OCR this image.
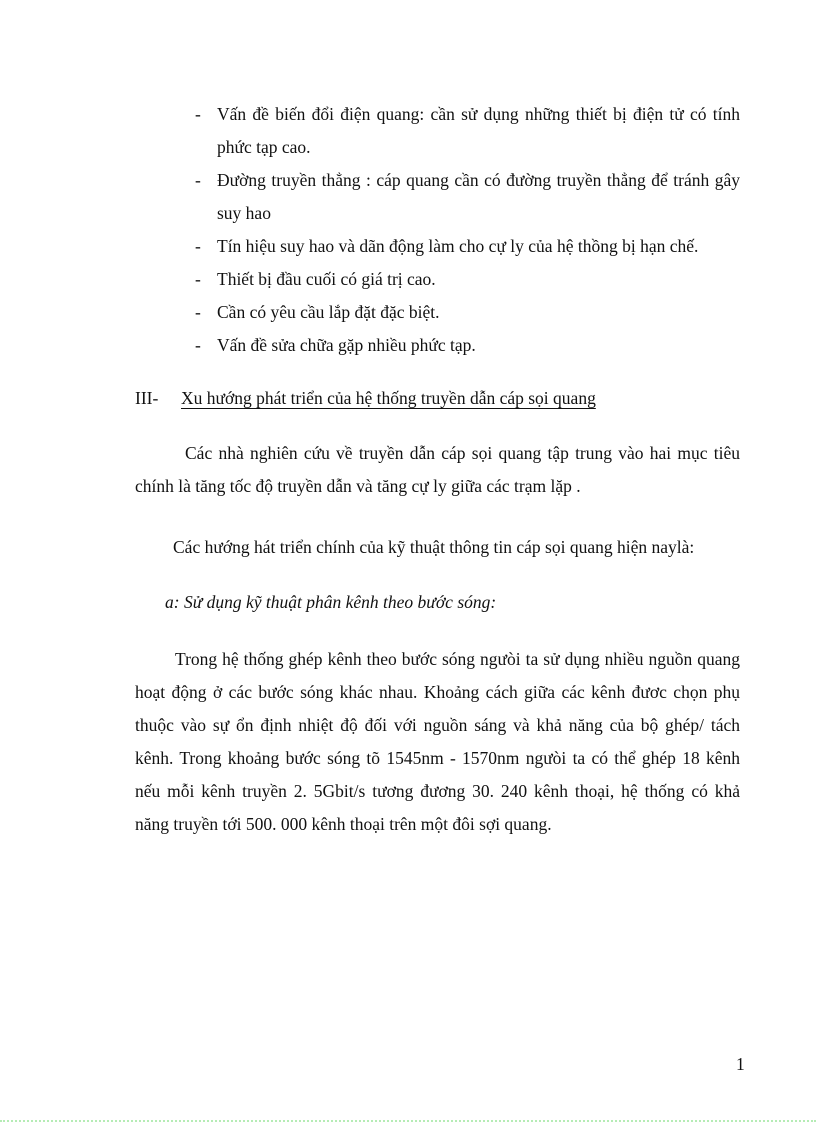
- Vấn đề biến đổi điện quang: cần sử dụng những thiết bị điện tử có tính phức tạp cao.
- Đường truyền thẳng : cáp quang cần có đường truyền thẳng để tránh gây suy hao
- Tín hiệu suy hao và dãn động làm cho cự ly của hệ thồng bị hạn chế.
- Thiết bị đầu cuối có giá trị cao.
- Cần có yêu cầu lắp đặt đặc biệt.
- Vấn đề sửa chữa gặp nhiều phức tạp.
III-	Xu hướng phát triển của hệ thống truyền dẫn cáp sọi quang

Các nhà nghiên cứu về truyền dẫn cáp sọi quang tập trung vào hai mục tiêu chính là tăng tốc độ truyền dẫn và tăng cự ly giữa các trạm lặp .

Các hướng hát triển chính của kỹ thuật thông tin cáp sọi quang hiện naylà:

a: Sử dụng kỹ thuật phân kênh theo bước sóng:

Trong hệ thống ghép kênh theo bước sóng ngưòi ta sử dụng nhiều nguồn quang hoạt động ở các bước sóng khác nhau. Khoảng cách giữa các kênh đươc chọn phụ thuộc vào sự ổn định nhiệt độ đối với nguồn sáng và khả năng của bộ ghép/ tách kênh. Trong khoảng bước sóng tõ 1545nm - 1570nm ngưòi ta có thể ghép 18 kênh nếu mỗi kênh truyền 2. 5Gbit/s tương đương 30. 240 kênh thoại, hệ thống có khả năng truyền tới 500. 000 kênh thoại trên một đôi sợi quang.

1
